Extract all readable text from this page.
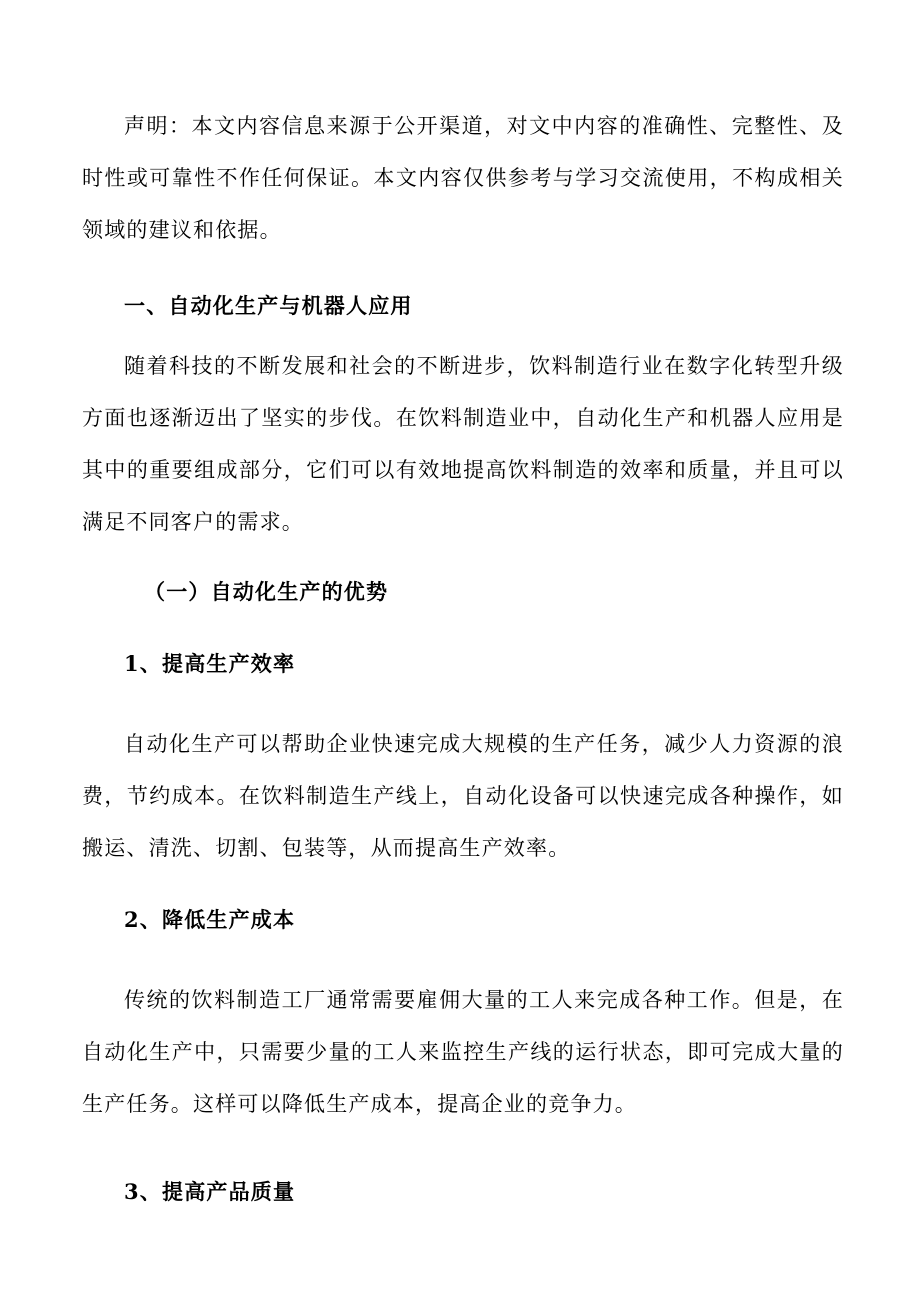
声明：本文内容信息来源于公开渠道，对文中内容的准确性、完整性、及时性或可靠性不作任何保证。本文内容仅供参考与学习交流使用，不构成相关领域的建议和依据。

一、自动化生产与机器人应用

随着科技的不断发展和社会的不断进步，饮料制造行业在数字化转型升级方面也逐渐迈出了坚实的步伐。在饮料制造业中，自动化生产和机器人应用是其中的重要组成部分，它们可以有效地提高饮料制造的效率和质量，并且可以满足不同客户的需求。

（一）自动化生产的优势
1、提高生产效率

自动化生产可以帮助企业快速完成大规模的生产任务，减少人力资源的浪费，节约成本。在饮料制造生产线上，自动化设备可以快速完成各种操作，如搬运、清洗、切割、包装等，从而提高生产效率。

2、降低生产成本

传统的饮料制造工厂通常需要雇佣大量的工人来完成各种工作。但是，在自动化生产中，只需要少量的工人来监控生产线的运行状态，即可完成大量的生产任务。这样可以降低生产成本，提高企业的竞争力。

3、提高产品质量
